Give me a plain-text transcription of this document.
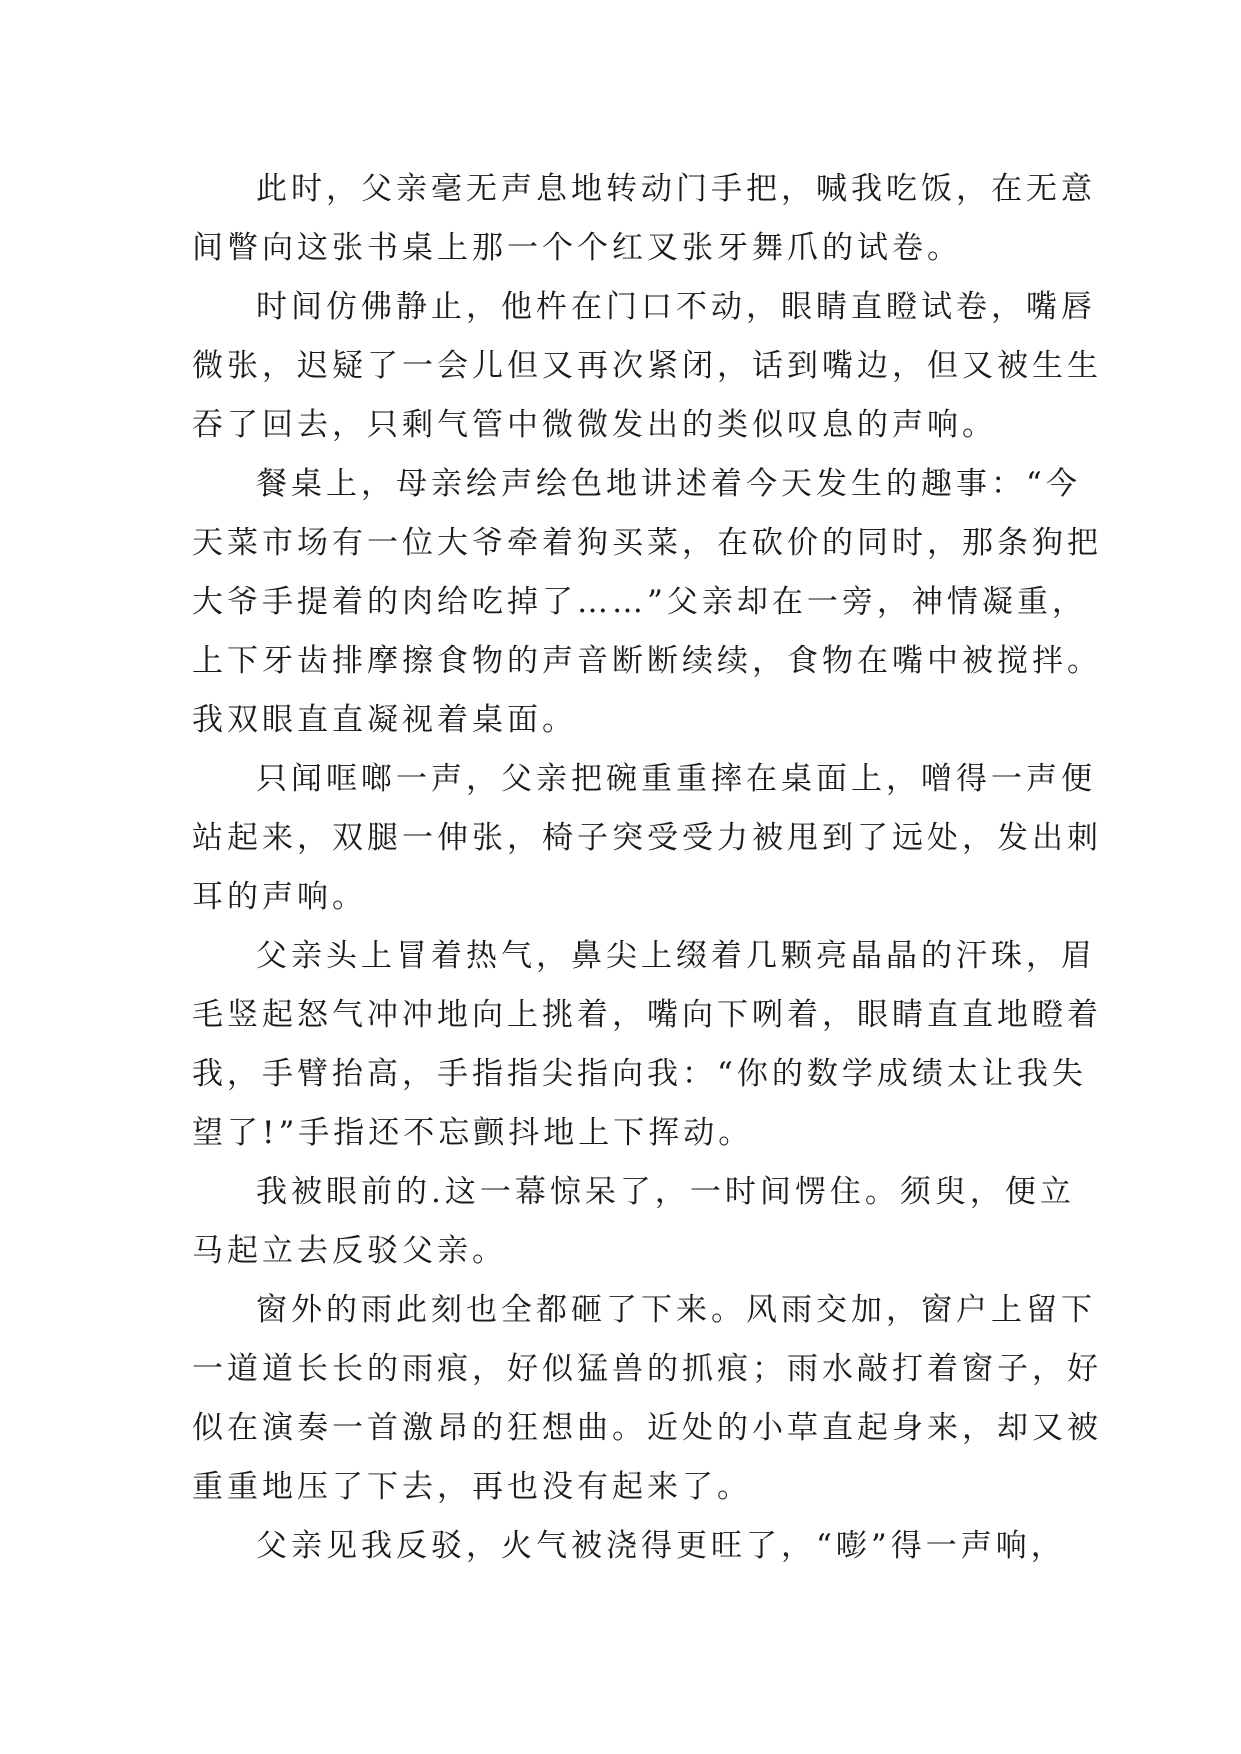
此时，父亲毫无声息地转动门手把，喊我吃饭，在无意
间瞥向这张书桌上那一个个红叉张牙舞爪的试卷。
时间仿佛静止，他杵在门口不动，眼睛直瞪试卷，嘴唇
微张，迟疑了一会儿但又再次紧闭，话到嘴边，但又被生生
吞了回去，只剩气管中微微发出的类似叹息的声响。
餐桌上，母亲绘声绘色地讲述着今天发生的趣事：“今
天菜市场有一位大爷牵着狗买菜，在砍价的同时，那条狗把
大爷手提着的肉给吃掉了……”父亲却在一旁，神情凝重，
上下牙齿排摩擦食物的声音断断续续，食物在嘴中被搅拌。
我双眼直直凝视着桌面。
只闻哐啷一声，父亲把碗重重摔在桌面上，噌得一声便
站起来，双腿一伸张，椅子突受受力被甩到了远处，发出刺
耳的声响。
父亲头上冒着热气，鼻尖上缀着几颗亮晶晶的汗珠，眉
毛竖起怒气冲冲地向上挑着，嘴向下咧着，眼睛直直地瞪着
我，手臂抬高，手指指尖指向我：“你的数学成绩太让我失
望了!”手指还不忘颤抖地上下挥动。
我被眼前的.这一幕惊呆了，一时间愣住。须臾，便立
马起立去反驳父亲。
窗外的雨此刻也全都砸了下来。风雨交加，窗户上留下
一道道长长的雨痕，好似猛兽的抓痕；雨水敲打着窗子，好
似在演奏一首激昂的狂想曲。近处的小草直起身来，却又被
重重地压了下去，再也没有起来了。
父亲见我反驳，火气被浇得更旺了，“嘭”得一声响，
